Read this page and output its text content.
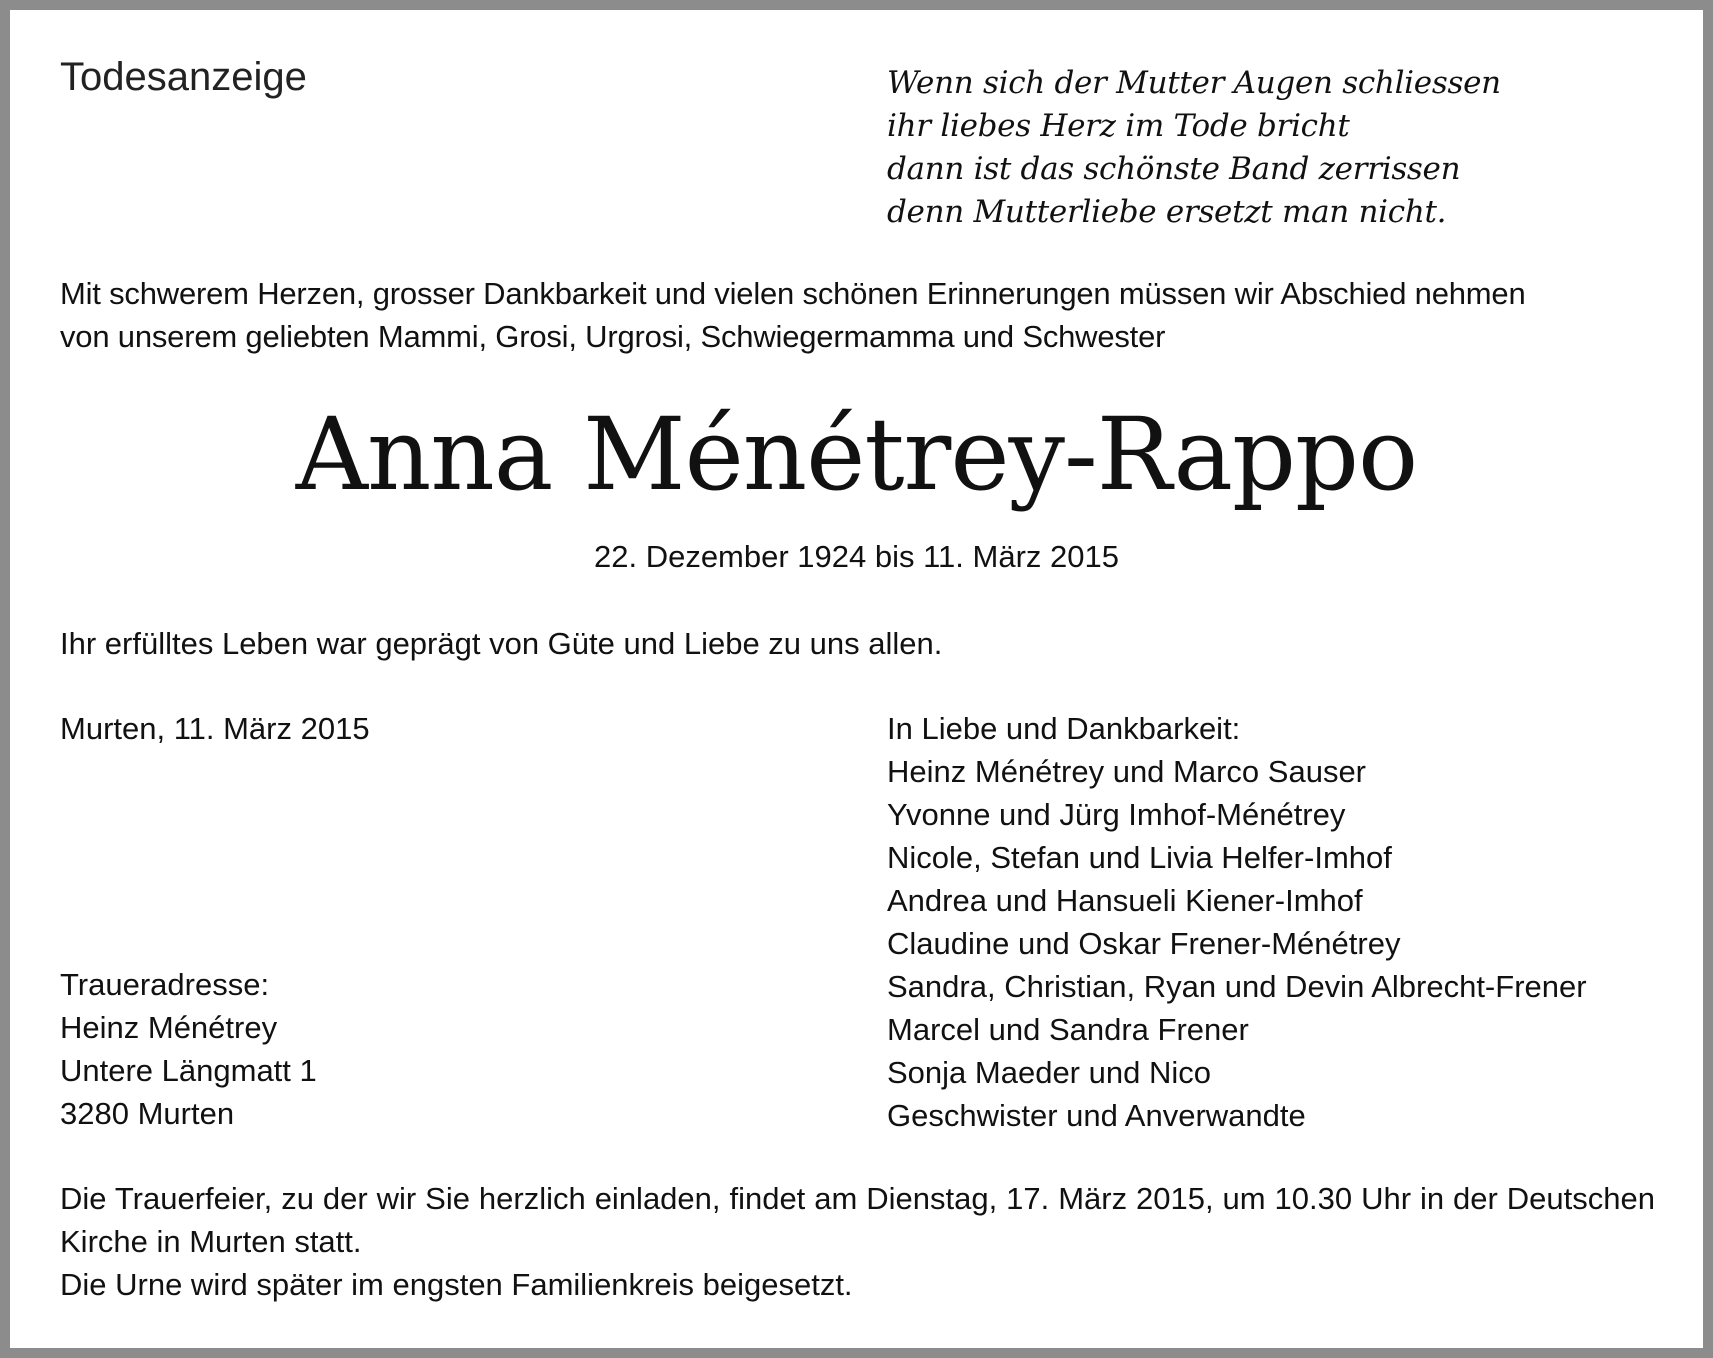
Todesanzeige	Wenn sich der Mutter Augen schliessen
ihr liebes Herz im Tode bricht
dann ist das schönste Band zerrissen
denn Mutterliebe ersetzt man nicht.
Mit schwerem Herzen, grosser Dankbarkeit und vielen schönen Erinnerungen müssen wir Abschied nehmen
von unserem geliebten Mammi, Grosi, Urgrosi, Schwiegermamma und Schwester
Anna Ménétrey-Rappo
22. Dezember 1924 bis 11. März 2015
Ihr erfülltes Leben war geprägt von Güte und Liebe zu uns allen.
Murten, 11. März 2015	In Liebe und Dankbarkeit:
Heinz Ménétrey und Marco Sauser
Yvonne und Jürg Imhof-Ménétrey
Nicole, Stefan und Livia Helfer-Imhof
Andrea und Hansueli Kiener-Imhof
Claudine und Oskar Frener-Ménétrey
Sandra, Christian, Ryan und Devin Albrecht-Frener
Marcel und Sandra Frener
Sonja Maeder und Nico
Geschwister und Anverwandte
Traueradresse:
Heinz Ménétrey
Untere Längmatt 1
3280 Murten
Die Trauerfeier, zu der wir Sie herzlich einladen, findet am Dienstag, 17. März 2015, um 10.30 Uhr in der Deutschen Kirche in Murten statt.
Die Urne wird später im engsten Familienkreis beigesetzt.
